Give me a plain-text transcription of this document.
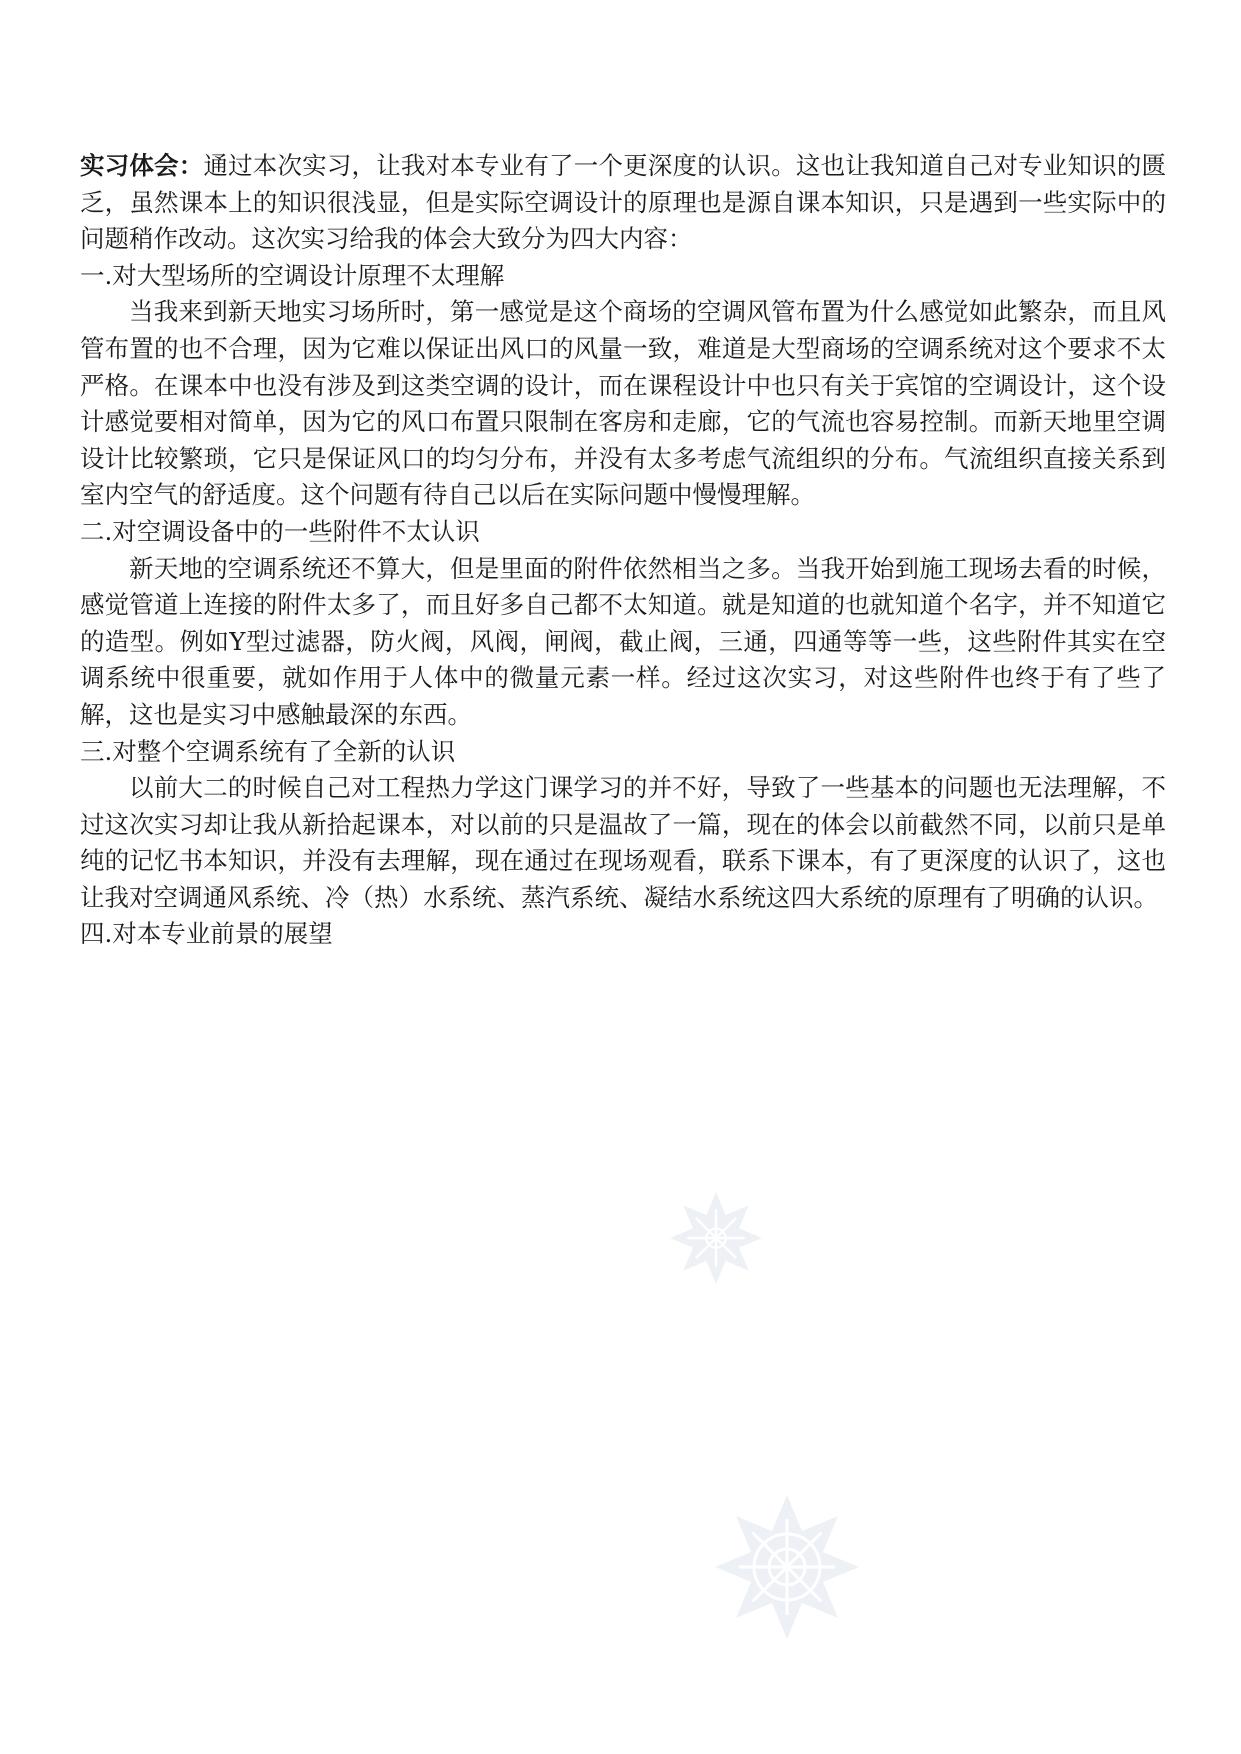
实习体会：通过本次实习，让我对本专业有了一个更深度的认识。这也让我知道自己对专业知识的匮乏，虽然课本上的知识很浅显，但是实际空调设计的原理也是源自课本知识，只是遇到一些实际中的问题稍作改动。这次实习给我的体会大致分为四大内容：

一.对大型场所的空调设计原理不太理解

当我来到新天地实习场所时，第一感觉是这个商场的空调风管布置为什么感觉如此繁杂，而且风管布置的也不合理，因为它难以保证出风口的风量一致，难道是大型商场的空调系统对这个要求不太严格。在课本中也没有涉及到这类空调的设计，而在课程设计中也只有关于宾馆的空调设计，这个设计感觉要相对简单，因为它的风口布置只限制在客房和走廊，它的气流也容易控制。而新天地里空调设计比较繁琐，它只是保证风口的均匀分布，并没有太多考虑气流组织的分布。气流组织直接关系到室内空气的舒适度。这个问题有待自己以后在实际问题中慢慢理解。

二.对空调设备中的一些附件不太认识

新天地的空调系统还不算大，但是里面的附件依然相当之多。当我开始到施工现场去看的时候，感觉管道上连接的附件太多了，而且好多自己都不太知道。就是知道的也就知道个名字，并不知道它的造型。例如Y型过滤器，防火阀，风阀，闸阀，截止阀，三通，四通等等一些，这些附件其实在空调系统中很重要，就如作用于人体中的微量元素一样。经过这次实习，对这些附件也终于有了些了解，这也是实习中感触最深的东西。

三.对整个空调系统有了全新的认识

以前大二的时候自己对工程热力学这门课学习的并不好，导致了一些基本的问题也无法理解，不过这次实习却让我从新拾起课本，对以前的只是温故了一篇，现在的体会以前截然不同，以前只是单纯的记忆书本知识，并没有去理解，现在通过在现场观看，联系下课本，有了更深度的认识了，这也让我对空调通风系统、冷（热）水系统、蒸汽系统、凝结水系统这四大系统的原理有了明确的认识。

四.对本专业前景的展望
